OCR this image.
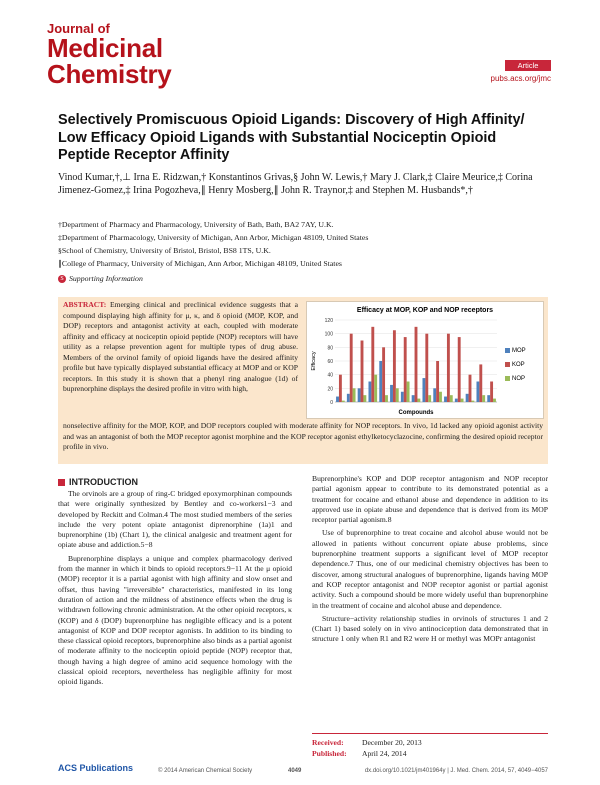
Journal of
Medicinal
Chemistry	Article
pubs.acs.org/jmc
Selectively Promiscuous Opioid Ligands: Discovery of High Affinity/ Low Efficacy Opioid Ligands with Substantial Nociceptin Opioid Peptide Receptor Affinity
Vinod Kumar,†,⊥ Irna E. Ridzwan,† Konstantinos Grivas,§ John W. Lewis,† Mary J. Clark,‡ Claire Meurice,‡ Corina Jimenez-Gomez,‡ Irina Pogozheva,∥ Henry Mosberg,∥ John R. Traynor,‡ and Stephen M. Husbands*,†
†Department of Pharmacy and Pharmacology, University of Bath, Bath, BA2 7AY, U.K.
‡Department of Pharmacology, University of Michigan, Ann Arbor, Michigan 48109, United States
§School of Chemistry, University of Bristol, Bristol, BS8 1TS, U.K.
∥College of Pharmacy, University of Michigan, Ann Arbor, Michigan 48109, United States
S Supporting Information
ABSTRACT: Emerging clinical and preclinical evidence suggests that a compound displaying high affinity for μ, κ, and δ opioid (MOP, KOP, and DOP) receptors and antagonist activity at each, coupled with moderate affinity and efficacy at nociceptin opioid peptide (NOP) receptors will have utility as a relapse prevention agent for multiple types of drug abuse. Members of the orvinol family of opioid ligands have the desired affinity profile but have typically displayed substantial efficacy at MOP and or KOP receptors. In this study it is shown that a phenyl ring analogue (1d) of buprenorphine displays the desired profile in vitro with high,
nonselective affinity for the MOP, KOP, and DOP receptors coupled with moderate affinity for NOP receptors. In vivo, 1d lacked any opioid agonist activity and was an antagonist of both the MOP receptor agonist morphine and the KOP receptor agonist ethylketocyclazocine, confirming the desired opioid receptor profile in vivo.
Efficacy at MOP, KOP and NOP receptors
0
20
40
60
80
100
120
Efficacy
Compounds
MOP
KOP
NOP
INTRODUCTION

The orvinols are a group of ring-C bridged epoxymorphinan compounds that were originally synthesized by Bentley and co-workers1−3 and developed by Reckitt and Colman.4 The most studied members of the series include the very potent opiate antagonist diprenorphine (1a)1 and buprenorphine (1b) (Chart 1), the clinical analgesic and treatment agent for opiate abuse and addiction.5−8

Buprenorphine displays a unique and complex pharmacology derived from the manner in which it binds to opioid receptors.9−11 At the μ opioid (MOP) receptor it is a partial agonist with high affinity and slow onset and offset, thus having "irreversible" characteristics, manifested in its long duration of action and the mildness of abstinence effects when the drug is withdrawn following chronic administration. At the other opioid receptors, κ (KOP) and δ (DOP) buprenorphine has negligible efficacy and is a potent antagonist of KOP and DOP receptor agonists. In addition to its binding to these classical opioid receptors, buprenorphine also binds as a partial agonist of moderate affinity to the nociceptin opioid peptide (NOP) receptor that, though having a high degree of amino acid sequence homology with the classical opioid receptors, nevertheless has negligible affinity for most opioid ligands.

Buprenorphine's KOP and DOP receptor antagonism and NOP receptor partial agonism appear to contribute to its demonstrated potential as a treatment for cocaine and ethanol abuse and dependence in addition to its approved use in opiate abuse and dependence that is derived from its MOP receptor partial agonism.8

Use of buprenorphine to treat cocaine and alcohol abuse would not be allowed in patients without concurrent opiate abuse problems, since buprenorphine treatment supports a significant level of MOP receptor dependence.7 Thus, one of our medicinal chemistry objectives has been to discover, among structural analogues of buprenorphine, ligands having MOP and KOP receptor antagonist and NOP receptor agonist or partial agonist activity. Such a compound should be more widely useful than buprenorphine in the treatment of cocaine and alcohol abuse and dependence.

Structure−activity relationship studies in orvinols of structures 1 and 2 (Chart 1) based solely on in vivo antinociception data demonstrated that in structure 1 only when R1 and R2 were H or methyl was MOPr antagonist

Received: December 20, 2013
Published: April 24, 2014
ACS Publications	© 2014 American Chemical Society	4049	dx.doi.org/10.1021/jm401964y | J. Med. Chem. 2014, 57, 4049−4057
